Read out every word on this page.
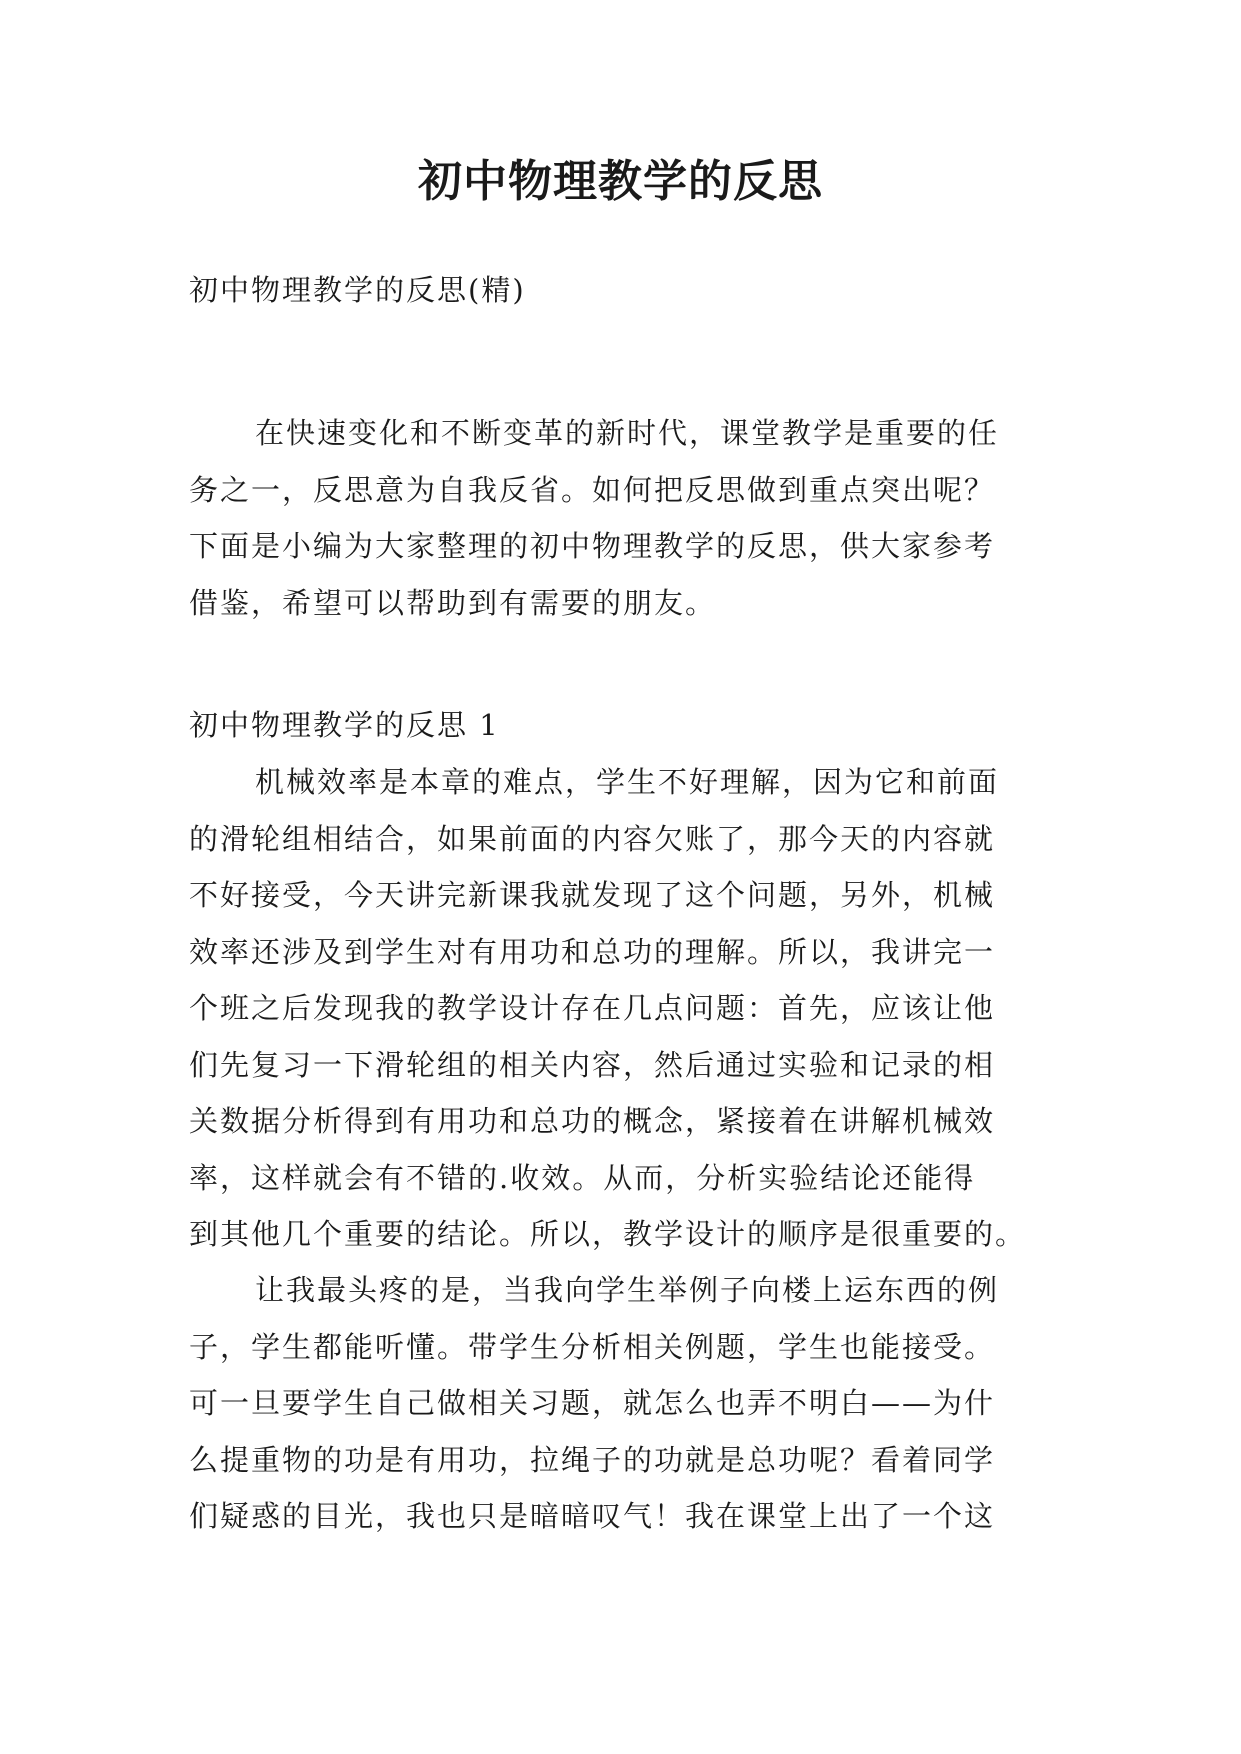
初中物理教学的反思

初中物理教学的反思(精)

在快速变化和不断变革的新时代，课堂教学是重要的任
务之一，反思意为自我反省。如何把反思做到重点突出呢？
下面是小编为大家整理的初中物理教学的反思，供大家参考
借鉴，希望可以帮助到有需要的朋友。

初中物理教学的反思 1

机械效率是本章的难点，学生不好理解，因为它和前面
的滑轮组相结合，如果前面的内容欠账了，那今天的内容就
不好接受，今天讲完新课我就发现了这个问题，另外，机械
效率还涉及到学生对有用功和总功的理解。所以，我讲完一
个班之后发现我的教学设计存在几点问题：首先，应该让他
们先复习一下滑轮组的相关内容，然后通过实验和记录的相
关数据分析得到有用功和总功的概念，紧接着在讲解机械效
率，这样就会有不错的.收效。从而，分析实验结论还能得
到其他几个重要的结论。所以，教学设计的顺序是很重要的。
让我最头疼的是，当我向学生举例子向楼上运东西的例
子，学生都能听懂。带学生分析相关例题，学生也能接受。
可一旦要学生自己做相关习题，就怎么也弄不明白——为什
么提重物的功是有用功，拉绳子的功就是总功呢？看着同学
们疑惑的目光，我也只是暗暗叹气！我在课堂上出了一个这
